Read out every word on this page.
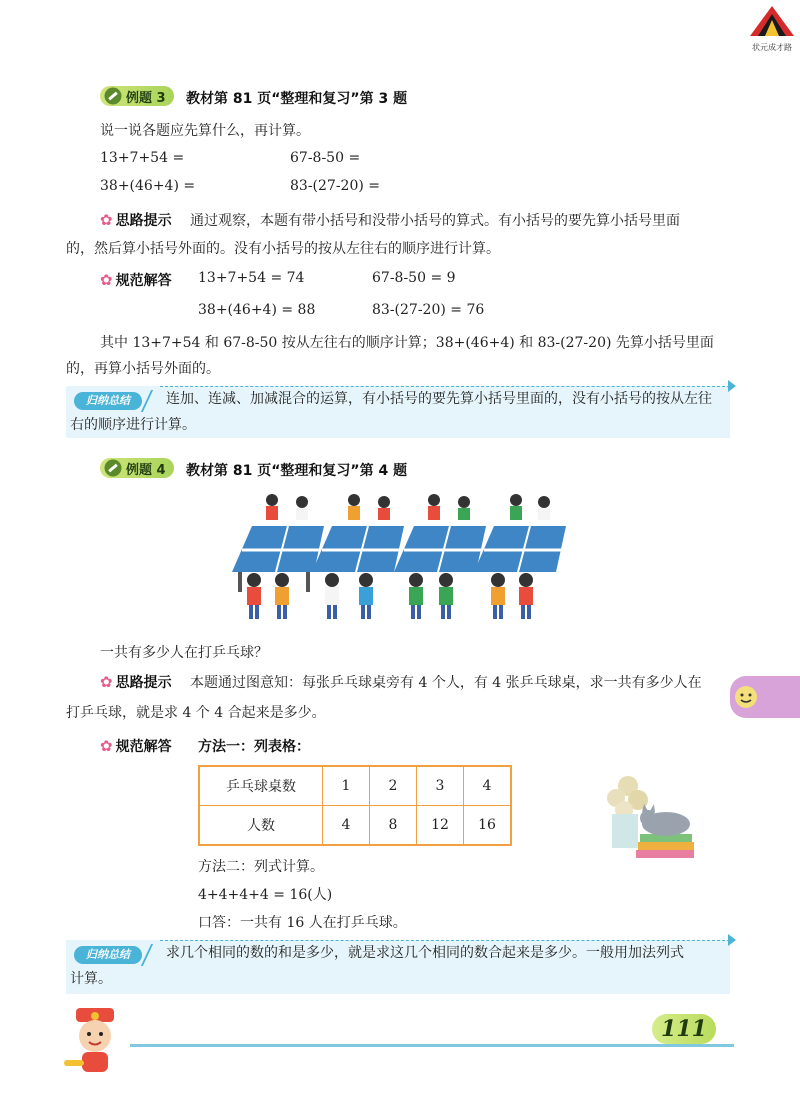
状元成才路
例题 3 教材第 81 页“整理和复习”第 3 题
说一说各题应先算什么，再计算。
13+7+54 =	67-8-50 =
38+(46+4) =	83-(27-20) =
✿ 思路提示 通过观察，本题有带小括号和没带小括号的算式。有小括号的要先算小括号里面
的，然后算小括号外面的。没有小括号的按从左往右的顺序进行计算。
✿ 规范解答 13+7+54 = 74	67-8-50 = 9
38+(46+4) = 88	83-(27-20) = 76
其中 13+7+54 和 67-8-50 按从左往右的顺序计算；38+(46+4) 和 83-(27-20) 先算小括号里面
的，再算小括号外面的。
归纳总结	连加、连减、加减混合的运算，有小括号的要先算小括号里面的，没有小括号的按从左往
右的顺序进行计算。
例题 4 教材第 81 页“整理和复习”第 4 题
一共有多少人在打乒乓球？
✿ 思路提示 本题通过图意知：每张乒乓球桌旁有 4 个人，有 4 张乒乓球桌，求一共有多少人在
打乒乓球，就是求 4 个 4 合起来是多少。
✿ 规范解答 方法一：列表格：
乒乓球桌数	1	2	3	4
人数	4	8	12	16
方法二：列式计算。
4+4+4+4 = 16(人)
口答：一共有 16 人在打乒乓球。
归纳总结	求几个相同的数的和是多少，就是求这几个相同的数合起来是多少。一般用加法列式
计算。
111
